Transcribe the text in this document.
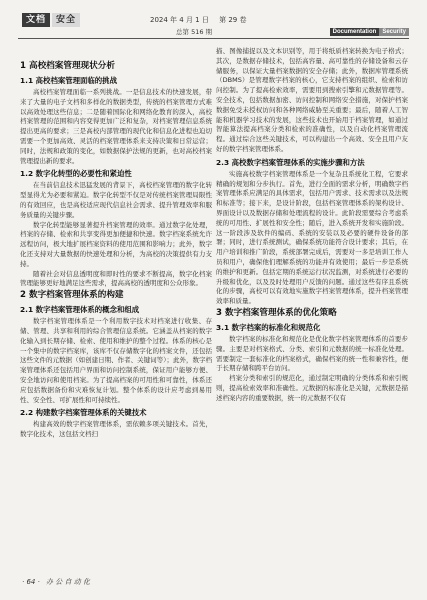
文档	安全	2024 年 4 月 1 日 第 29 卷
总第 516 期	Documentation	Security
1 高校档案管理现状分析
1.1 高校档案管理面临的挑战

高校档案管理面临一系列挑战。一是信息技术的快速发展，带来了大量的电子文档和多样化的数据类型，传统的档案管理方式难以高效处理这些信息；二是随着国际化和网络化教育的深入，高校档案管理的范围和内容变得更加广泛和复杂，对档案管理信息系统提出更高的要求；三是高校内部管理的现代化和信息化进程也迫切需要一个更加高效、灵活的档案管理体系来支持决策和日常运营；同时，法规和政策的变化，如数据保护法规的更新，也对高校档案管理提出新的要求。

1.2 数字化转型的必要性和紧迫性

在当前信息技术迅猛发展的背景下，高校档案管理的数字化转型显得尤为必要和紧迫。数字化转型不仅是对传统档案管理局限性的有效回应，也是高校适应现代信息社会需求、提升管理效率和服务质量的关键步骤。

数字化转型能够显著提升档案管理的效率。通过数字化处理，档案的存储、检索和共享变得更加便捷和快速。数字档案系统允许远程访问，极大地扩展档案资料的使用范围和影响力；此外，数字化还支持对大量数据的快速处理和分析，为高校的决策提供有力支持。

随着社会对信息透明度和即时性的要求不断提高，数字化档案管理能够更好地满足这些需求，提高高校的透明度和公众形象。

2 数字档案管理体系的构建
2.1 数字档案管理体系的概念和组成

数字档案管理体系是一个利用数字技术对档案进行收集、存储、管理、共享和利用的综合管理信息系统。它涵盖从档案的数字化输入到长期存储、检索、使用和维护的整个过程。体系的核心是一个集中的数字档案库，该库不仅存储数字化的档案文件，还包括这些文件的元数据（如创建日期、作者、关键词等）；此外，数字档案管理体系还包括用户界面和访问控制系统，保证用户能够方便、安全地访问和使用档案。为了提高档案的可用性和可靠性，体系还应包括数据备份和灾难恢复计划。整个体系的设计应考虑到易用性、安全性、可扩展性和可持续性。

2.2 构建数字档案管理体系的关键技术

构建高效的数字档案管理体系，需依赖多项关键技术。首先，数字化技术，这包括文档扫

描、图像捕捉以及文本识别等，用于将纸质档案转换为电子格式；其次，是数据存储技术，包括高容量、高可靠性的存储设备和云存储服务，以保证大量档案数据的安全存储；此外，数据库管理系统（DBMS）是管理数字档案的核心，它支持档案的组织、检索和访问控制。为了提高检索效率，需要用到搜索引擎和元数据管理等。安全技术，包括数据加密、访问控制和网络安全措施，对保护档案数据免受未授权访问和各种网络威胁至关重要；最后，随着人工智能和机器学习技术的发展，这些技术也开始用于档案管理，如通过智能算法提高档案分类和检索的准确性，以及自动化档案管理流程。通过综合这些关键技术，可以构建出一个高效、安全且用户友好的数字档案管理体系。

2.3 高校数字档案管理体系的实施步骤和方法

实施高校数字档案管理体系是一个复杂且系统化工程，它要求精确的规划和分步执行。首先，进行全面的需求分析，明确数字档案管理体系应满足的具体需求，包括用户需求、技术需求以及法规和标准等；接下来，是设计阶段，包括档案管理体系的架构设计、界面设计以及数据存储和处理流程的设计。此阶段需要综合考虑系统的可用性、扩展性和安全性；随后，进入系统开发和实施阶段。这一阶段涉及软件的编码、系统的安装以及必要的硬件设备的部署；同时，进行系统测试，确保系统功能符合设计要求；其后，在用户培训和推广阶段，系统部署完成后，需要对一多是培训工作人员和用户，确保他们理解系统的功能并有效使用；最后一步是系统的维护和更新。包括定期的系统运行状况监测，对系统进行必要的升级和优化，以及及时处理用户反馈的问题。通过这些有序且系统化的步骤，高校可以有效地实施数字档案管理体系，提升档案管理效率和质量。

3 数字档案管理体系的优化策略
3.1 数字档案的标准化和规范化

数字档案的标准化和规范化是优化数字档案管理体系的首要步骤。主要是对档案格式、分类、索引和元数据的统一标准化处理。需要制定一套标准化的档案格式，确保档案的统一性和兼容性，便于长期存储和跨平台访问。

档案分类和索引的规范化，通过制定明确的分类体系和索引规则，提高检索效率和准确性。元数据的标准化是关键，元数据是描述档案内容的重要数据，统一的元数据不仅有

· 64 · 办 公 自 动 化
